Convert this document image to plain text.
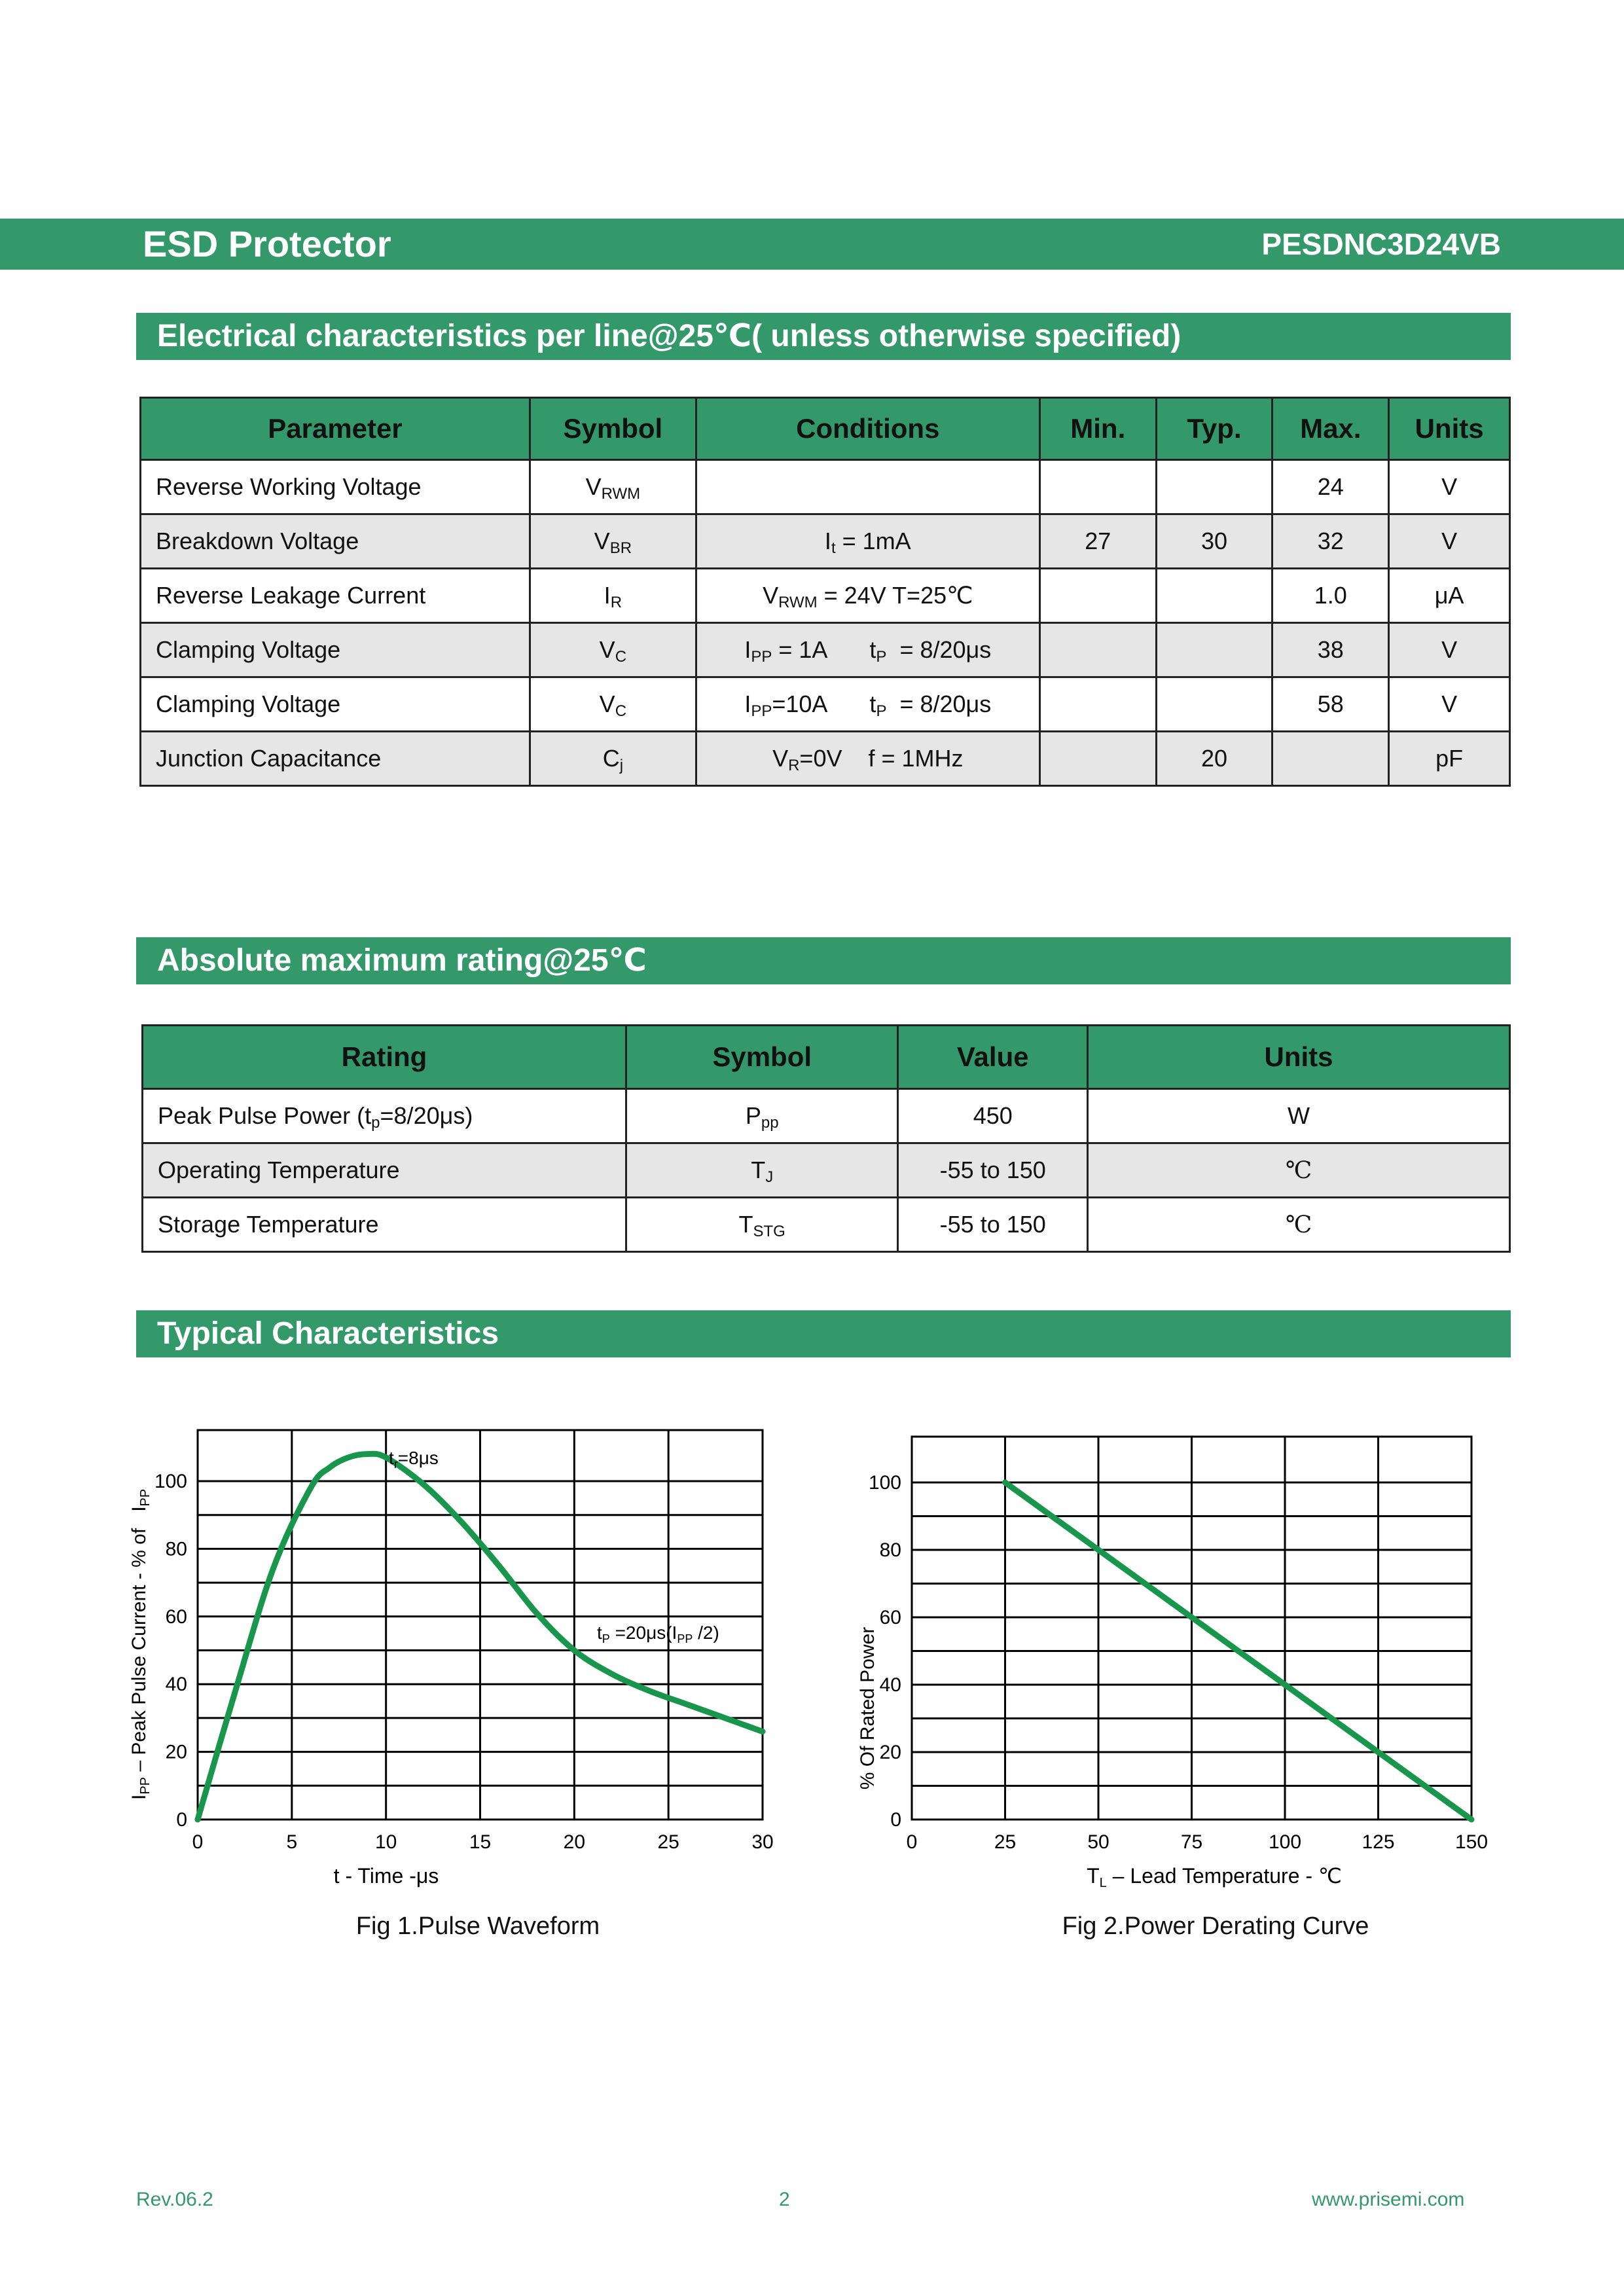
ESD Protector	PESDNC3D24VB
Electrical characteristics per line@25℃( unless otherwise specified)
Parameter	Symbol	Conditions	Min.	Typ.	Max.	Units
Reverse Working Voltage	$V_{RWM}$				24	V
Breakdown Voltage	$V_{BR}$	$I_t = 1mA$	27	30	32	V
Reverse Leakage Current	$I_R$	$V_{RWM} = 24V$ T=25℃			1.0	μA
Clamping Voltage	$V_C$	$I_{PP} = 1A$ $t_P = 8/20\mu s$			38	V
Clamping Voltage	$V_C$	$I_{PP}=10A$ $t_P = 8/20\mu s$			58	V
Junction Capacitance	$C_j$	$V_R=0V$ f = 1MHz		20		pF
Absolute maximum rating@25℃
Rating	Symbol	Value	Units
Peak Pulse Power $(t_p=8/20\mu s)$	$P_{pp}$	450	W
Operating Temperature	$T_J$	-55 to 150	℃
Storage Temperature	$T_{STG}$	-55 to 150	℃
Typical Characteristics
0	5	10	15	20	25	30
0
20
40
60
80
100
t - Time -μs
$I_{PP}$ – Peak Pulse Current - % of   $I_{PP}$
$t_r=8\mu s$
$t_P =20\mu s(I_{PP}$ /2)
0	25	50	75	100	125	150
0
20
40
60
80
100
TL – Lead Temperature - ℃
% Of Rated Power
Fig 1.Pulse Waveform	Fig 2.Power Derating Curve
Rev.06.2	2	www.prisemi.com
